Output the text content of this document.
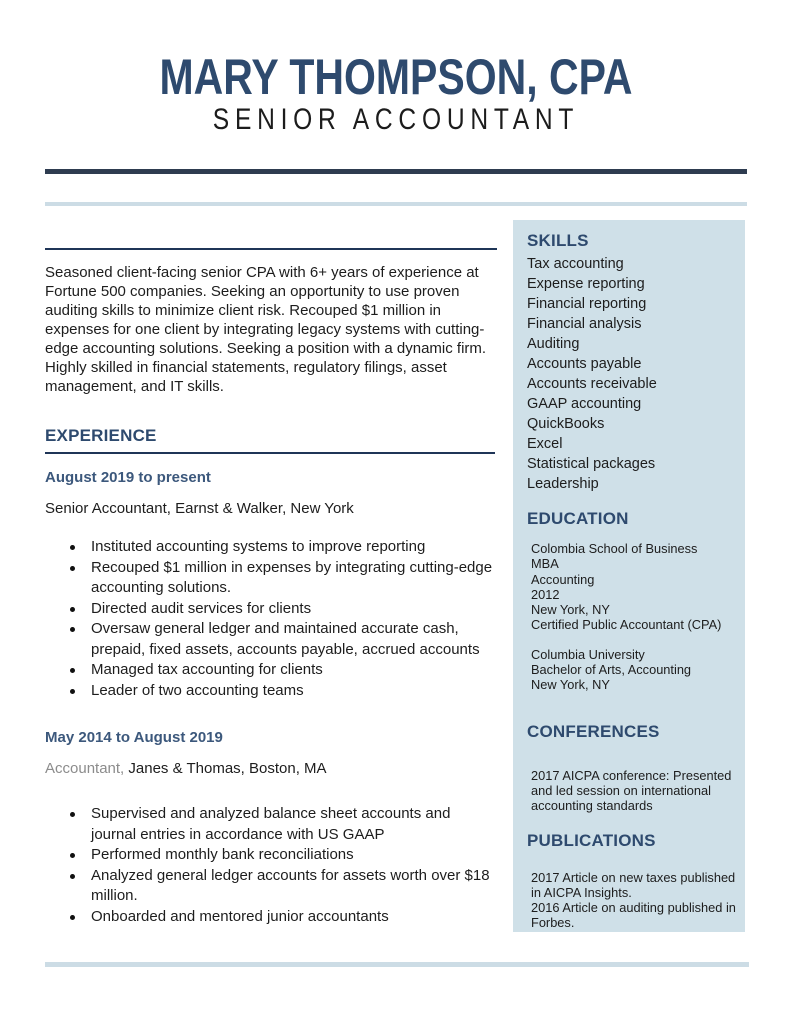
MARY THOMPSON, CPA
SENIOR ACCOUNTANT

Seasoned client-facing senior CPA with 6+ years of experience at Fortune 500 companies. Seeking an opportunity to use proven auditing skills to minimize client risk. Recouped $1 million in expenses for one client by integrating legacy systems with cutting-edge accounting solutions. Seeking a position with a dynamic firm. Highly skilled in financial statements, regulatory filings, asset management, and IT skills.

EXPERIENCE

August 2019 to present

Senior Accountant, Earnst & Walker, New York

Instituted accounting systems to improve reporting
Recouped $1 million in expenses by integrating cutting-edge accounting solutions.
Directed audit services for clients
Oversaw general ledger and maintained accurate cash, prepaid, fixed assets, accounts payable, accrued accounts
Managed tax accounting for clients
Leader of two accounting teams

May 2014 to August 2019

Accountant, Janes & Thomas, Boston, MA

Supervised and analyzed balance sheet accounts and journal entries in accordance with US GAAP
Performed monthly bank reconciliations
Analyzed general ledger accounts for assets worth over $18 million.
Onboarded and mentored junior accountants
SKILLS
Tax accounting
Expense reporting
Financial reporting
Financial analysis
Auditing
Accounts payable
Accounts receivable
GAAP accounting
QuickBooks
Excel
Statistical packages
Leadership
EDUCATION
Colombia School of Business
MBA
Accounting
2012
New York, NY
Certified Public Accountant (CPA)
Columbia University
Bachelor of Arts, Accounting
New York, NY
CONFERENCES
2017 AICPA conference: Presented and led session on international accounting standards
PUBLICATIONS
2017 Article on new taxes published in AICPA Insights.
2016 Article on auditing published in Forbes.
